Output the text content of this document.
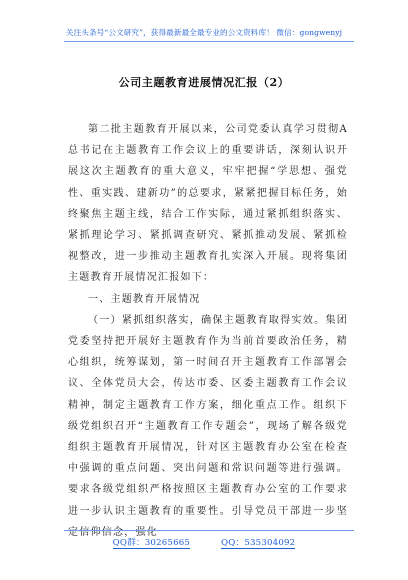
关注头条号“公文研究”，获得最新最全最专业的公文资料库！ 微信：gongwenyj
公司主题教育进展情况汇报（2）

第二批主题教育开展以来，公司党委认真学习贯彻A总书记在主题教育工作会议上的重要讲话，深刻认识开展这次主题教育的重大意义，牢牢把握“学思想、强党性、重实践、建新功”的总要求，紧紧把握目标任务，始终聚焦主题主线，结合工作实际，通过紧抓组织落实、紧抓理论学习、紧抓调查研究、紧抓推动发展、紧抓检视整改，进一步推动主题教育扎实深入开展。现将集团主题教育开展情况汇报如下：

一、主题教育开展情况

（一）紧抓组织落实，确保主题教育取得实效。集团党委坚持把开展好主题教育作为当前首要政治任务，精心组织，统筹谋划，第一时间召开主题教育工作部署会议、全体党员大会，传达市委、区委主题教育工作会议精神，制定主题教育工作方案，细化重点工作。组织下级党组织召开“主题教育工作专题会”，现场了解各级党组织主题教育开展情况，针对区主题教育办公室在检查中强调的重点问题、突出问题和常识问题等进行强调。要求各级党组织严格按照区主题教育办公室的工作要求进一步认识主题教育的重要性。引导党员干部进一步坚定信仰信念，强化

QQ群：30265665	QQ：535304092
